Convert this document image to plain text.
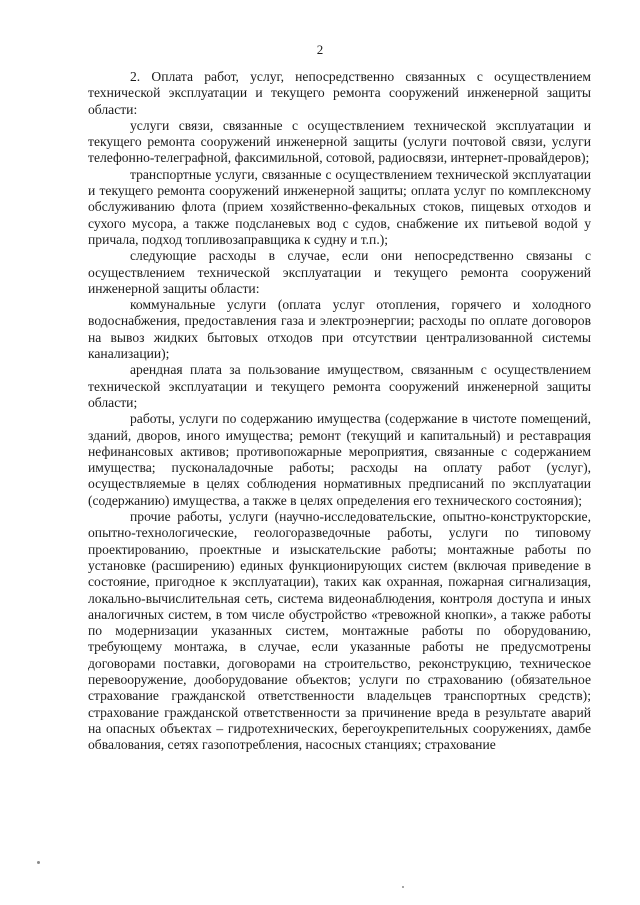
2

2. Оплата работ, услуг, непосредственно связанных с осуществлением технической эксплуатации и текущего ремонта сооружений инженерной защиты области:

услуги связи, связанные с осуществлением технической эксплуатации и текущего ремонта сооружений инженерной защиты (услуги почтовой связи, услуги телефонно-телеграфной, факсимильной, сотовой, радиосвязи, интернет-провайдеров);

транспортные услуги, связанные с осуществлением технической эксплуатации и текущего ремонта сооружений инженерной защиты; оплата услуг по комплексному обслуживанию флота (прием хозяйственно-фекальных стоков, пищевых отходов и сухого мусора, а также подсланевых вод с судов, снабжение их питьевой водой у причала, подход топливозаправщика к судну и т.п.);

следующие расходы в случае, если они непосредственно связаны с осуществлением технической эксплуатации и текущего ремонта сооружений инженерной защиты области:

коммунальные услуги (оплата услуг отопления, горячего и холодного водоснабжения, предоставления газа и электроэнергии; расходы по оплате договоров на вывоз жидких бытовых отходов при отсутствии централизованной системы канализации);

арендная плата за пользование имуществом, связанным с осуществлением технической эксплуатации и текущего ремонта сооружений инженерной защиты области;

работы, услуги по содержанию имущества (содержание в чистоте помещений, зданий, дворов, иного имущества; ремонт (текущий и капитальный) и реставрация нефинансовых активов; противопожарные мероприятия, связанные с содержанием имущества; пусконаладочные работы; расходы на оплату работ (услуг), осуществляемые в целях соблюдения нормативных предписаний по эксплуатации (содержанию) имущества, а также в целях определения его технического состояния);

прочие работы, услуги (научно-исследовательские, опытно-конструкторские, опытно-технологические, геологоразведочные работы, услуги по типовому проектированию, проектные и изыскательские работы; монтажные работы по установке (расширению) единых функционирующих систем (включая приведение в состояние, пригодное к эксплуатации), таких как охранная, пожарная сигнализация, локально-вычислительная сеть, система видеонаблюдения, контроля доступа и иных аналогичных систем, в том числе обустройство «тревожной кнопки», а также работы по модернизации указанных систем, монтажные работы по оборудованию, требующему монтажа, в случае, если указанные работы не предусмотрены договорами поставки, договорами на строительство, реконструкцию, техническое перевооружение, дооборудование объектов; услуги по страхованию (обязательное страхование гражданской ответственности владельцев транспортных средств); страхование гражданской ответственности за причинение вреда в результате аварий на опасных объектах – гидротехнических, берегоукрепительных сооружениях, дамбе обвалования, сетях газопотребления, насосных станциях; страхование
